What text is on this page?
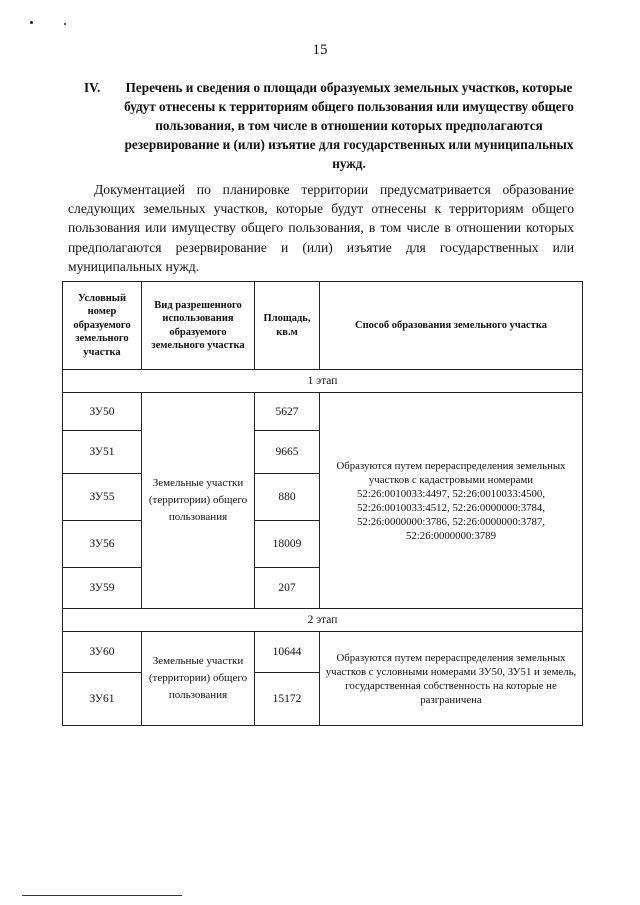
15
IV.	Перечень и сведения о площади образуемых земельных участков, которые будут отнесены к территориям общего пользования или имуществу общего пользования, в том числе в отношении которых предполагаются резервирование и (или) изъятие для государственных или муниципальных нужд.

Документацией по планировке территории предусматривается образование следующих земельных участков, которые будут отнесены к территориям общего пользования или имуществу общего пользования, в том числе в отношении которых предполагаются резервирование и (или) изъятие для государственных или муниципальных нужд.

Условный номер образуемого земельного участка	Вид разрешенного использования образуемого земельного участка	Площадь, кв.м	Способ образования земельного участка
1 этап			
ЗУ50	Земельные участки (территории) общего пользования	5627	Образуются путем перераспределения земельных участков с кадастровыми номерами 52:26:0010033:4497, 52:26:0010033:4500, 52:26:0010033:4512, 52:26:0000000:3784, 52:26:0000000:3786, 52:26:0000000:3787, 52:26:0000000:3789
ЗУ51		9665	
ЗУ55		880	
ЗУ56		18009	
ЗУ59		207	
2 этап			
ЗУ60	Земельные участки (территории) общего пользования	10644	Образуются путем перераспределения земельных участков с условными номерами ЗУ50, ЗУ51 и земель, государственная собственность на которые не разграничена
ЗУ61		15172	
